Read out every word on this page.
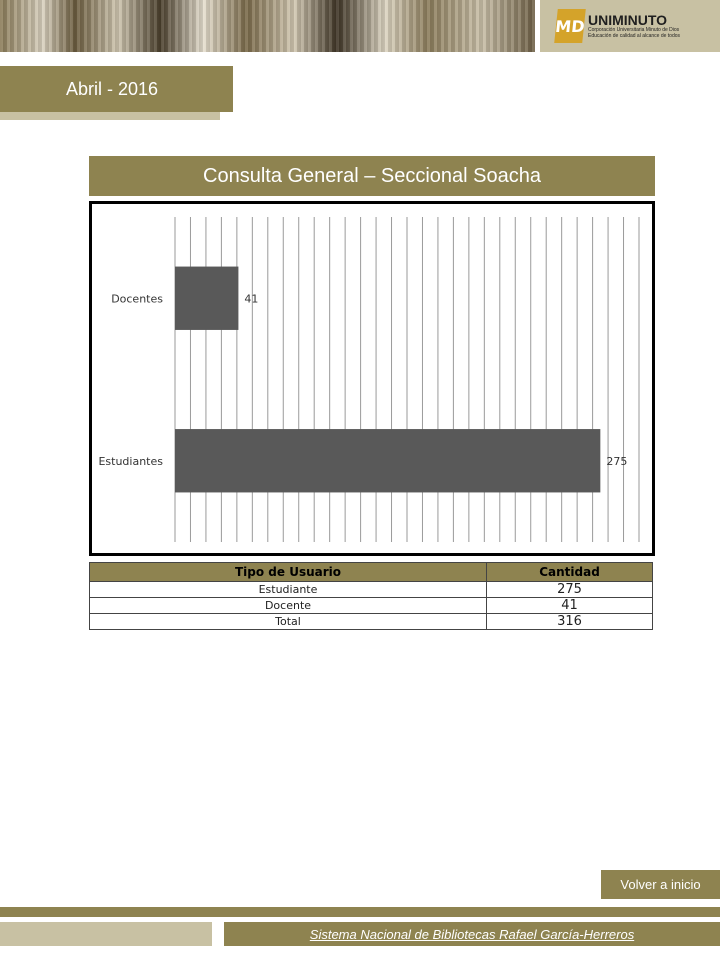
MD UNIMINUTO
Corporación Universitaria Minuto de Dios
Educación de calidad al alcance de todos
Abril - 2016
Consulta General – Seccional Soacha
Docentes	41
Estudiantes	275
Tipo de Usuario	Cantidad
Estudiante	275
Docente	41
Total	316
Volver a inicio
Sistema Nacional de Bibliotecas Rafael García-Herreros
